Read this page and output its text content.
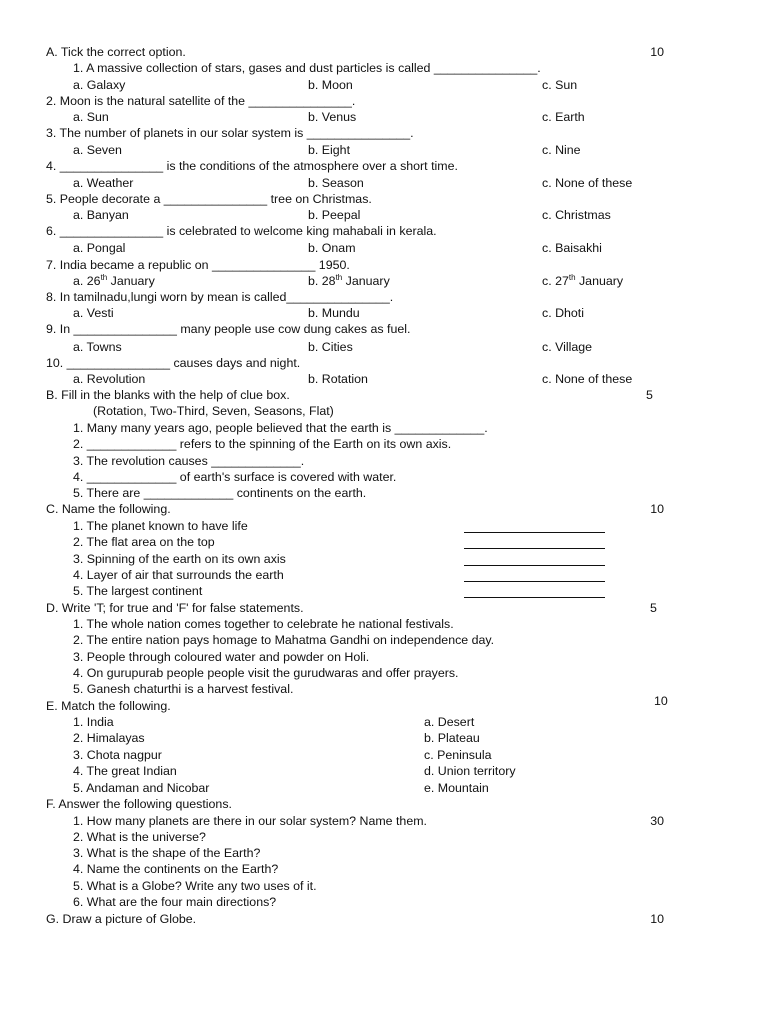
A. Tick the correct option.	10
1. A massive collection of stars, gases and dust particles is called _______________.
a. Galaxy	b. Moon	c. Sun
2. Moon is the natural satellite of the _______________.
a. Sun	b. Venus	c. Earth
3. The number of planets in our solar system is _______________.
a. Seven	b. Eight	c. Nine
4. _______________ is the conditions of the atmosphere over a short time.
a. Weather	b. Season	c. None of these
5. People decorate a _______________ tree on Christmas.
a. Banyan	b. Peepal	c. Christmas
6. _______________ is celebrated to welcome king mahabali in kerala.
a. Pongal	b. Onam	c. Baisakhi
7. India became a republic on _______________ 1950.
a. 26th January	b. 28th January	c. 27th January
8. In tamilnadu,lungi worn by mean is called_______________.
a. Vesti	b. Mundu	c. Dhoti
9. In _______________ many people use cow dung cakes as fuel.
a. Towns	b. Cities	c. Village
10. _______________ causes days and night.
a. Revolution	b. Rotation	c. None of these
B. Fill in the blanks with the help of clue box.	5
(Rotation, Two-Third, Seven, Seasons, Flat)
1. Many many years ago, people believed that the earth is _____________.
2. _____________ refers to the spinning of the Earth on its own axis.
3. The revolution causes _____________.
4. _____________ of earth's surface is covered with water.
5. There are _____________ continents on the earth.
C. Name the following.	10
1. The planet known to have life
2. The flat area on the top
3. Spinning of the earth on its own axis
4. Layer of air that surrounds the earth
5. The largest continent
D. Write 'T; for true and 'F' for false statements.	5
1. The whole nation comes together to celebrate he national festivals.
2. The entire nation pays homage to Mahatma Gandhi on independence day.
3. People through coloured water and powder on Holi.
4. On gurupurab people people visit the gurudwaras and offer prayers.
5. Ganesh chaturthi is a harvest festival.
E. Match the following.	10
1. India	a. Desert
2. Himalayas	b. Plateau
3. Chota nagpur	c. Peninsula
4. The great Indian	d. Union territory
5. Andaman and Nicobar	e. Mountain
F. Answer the following questions.
30
1. How many planets are there in our solar system? Name them.
2. What is the universe?
3. What is the shape of the Earth?
4. Name the continents on the Earth?
5. What is a Globe? Write any two uses of it.
6. What are the four main directions?
G. Draw a picture of Globe.	10
